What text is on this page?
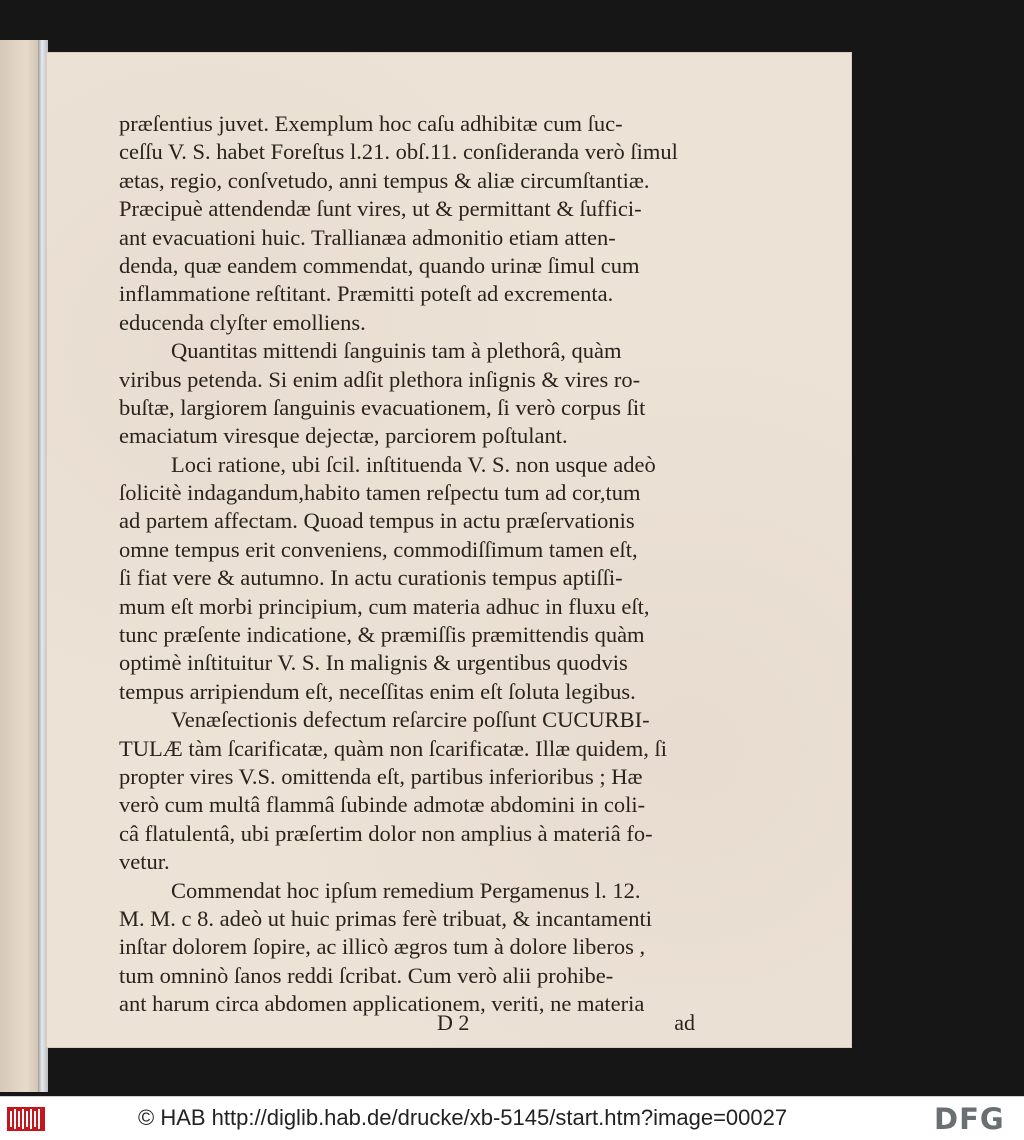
præſentius juvet. Exemplum hoc caſu adhibitæ cum ſuc-
ceſſu V. S. habet Foreſtus l.21. obſ.11. conſideranda verò ſimul
ætas, regio, conſvetudo, anni tempus & aliæ circumſtantiæ.
Præcipuè attendendæ ſunt vires, ut & permittant & ſuffici-
ant evacuationi huic. Trallianæa admonitio etiam atten-
denda, quæ eandem commendat, quando urinæ ſimul cum
inflammatione reſtitant. Præmitti poteſt ad excrementa.
educenda clyſter emolliens.
Quantitas mittendi ſanguinis tam à plethorâ, quàm
viribus petenda. Si enim adſit plethora inſignis & vires ro-
buſtæ, largiorem ſanguinis evacuationem, ſi verò corpus ſit
emaciatum viresque dejectæ, parciorem poſtulant.
Loci ratione, ubi ſcil. inſtituenda V. S. non usque adeò
ſolicitè indagandum,habito tamen reſpectu tum ad cor,tum
ad partem affectam. Quoad tempus in actu præſervationis
omne tempus erit conveniens, commodiſſimum tamen eſt,
ſi fiat vere & autumno. In actu curationis tempus aptiſſi-
mum eſt morbi principium, cum materia adhuc in fluxu eſt,
tunc præſente indicatione, & præmiſſis præmittendis quàm
optimè inſtituitur V. S. In malignis & urgentibus quodvis
tempus arripiendum eſt, neceſſitas enim eſt ſoluta legibus.
Venæſectionis defectum reſarcire poſſunt CUCURBI-
TULÆ tàm ſcarificatæ, quàm non ſcarificatæ. Illæ quidem, ſi
propter vires V.S. omittenda eſt, partibus inferioribus ; Hæ
verò cum multâ flammâ ſubinde admotæ abdomini in coli-
câ flatulentâ, ubi præſertim dolor non amplius à materiâ fo-
vetur.
Commendat hoc ipſum remedium Pergamenus l. 12.
M. M. c 8. adeò ut huic primas ferè tribuat, & incantamenti
inſtar dolorem ſopire, ac illicò ægros tum à dolore liberos ,
tum omninò ſanos reddi ſcribat. Cum verò alii prohibe-
ant harum circa abdomen applicationem, veriti, ne materia
D 2	ad
© HAB http://diglib.hab.de/drucke/xb-5145/start.htm?image=00027	DFG
